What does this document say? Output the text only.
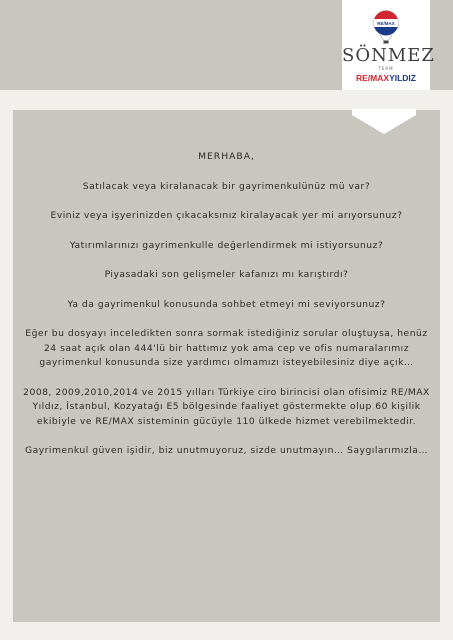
RE/MAX
SÖNMEZ
TEAM
RE/MAXYILDIZ

MERHABA,

Satılacak veya kiralanacak bir gayrimenkulünüz mü var?

Eviniz veya işyerinizden çıkacaksınız kiralayacak yer mi arıyorsunuz?

Yatırımlarınızı gayrimenkulle değerlendirmek mi istiyorsunuz?

Piyasadaki son gelişmeler kafanızı mı karıştırdı?

Ya da gayrimenkul konusunda sohbet etmeyi mi seviyorsunuz?

Eğer bu dosyayı inceledikten sonra sormak istediğiniz sorular oluştuysa, henüz 24 saat açık olan 444'lü bir hattımız yok ama cep ve ofis numaralarımız gayrimenkul konusunda size yardımcı olmamızı isteyebilesiniz diye açık…

2008, 2009,2010,2014 ve 2015 yılları Türkiye ciro birincisi olan ofisimiz RE/MAX Yıldız, İstanbul, Kozyatağı E5 bölgesinde faaliyet göstermekte olup 60 kişilik ekibiyle ve RE/MAX sisteminin gücüyle 110 ülkede hizmet verebilmektedir.

Gayrimenkul güven işidir, biz unutmuyoruz, sizde unutmayın… Saygılarımızla…
